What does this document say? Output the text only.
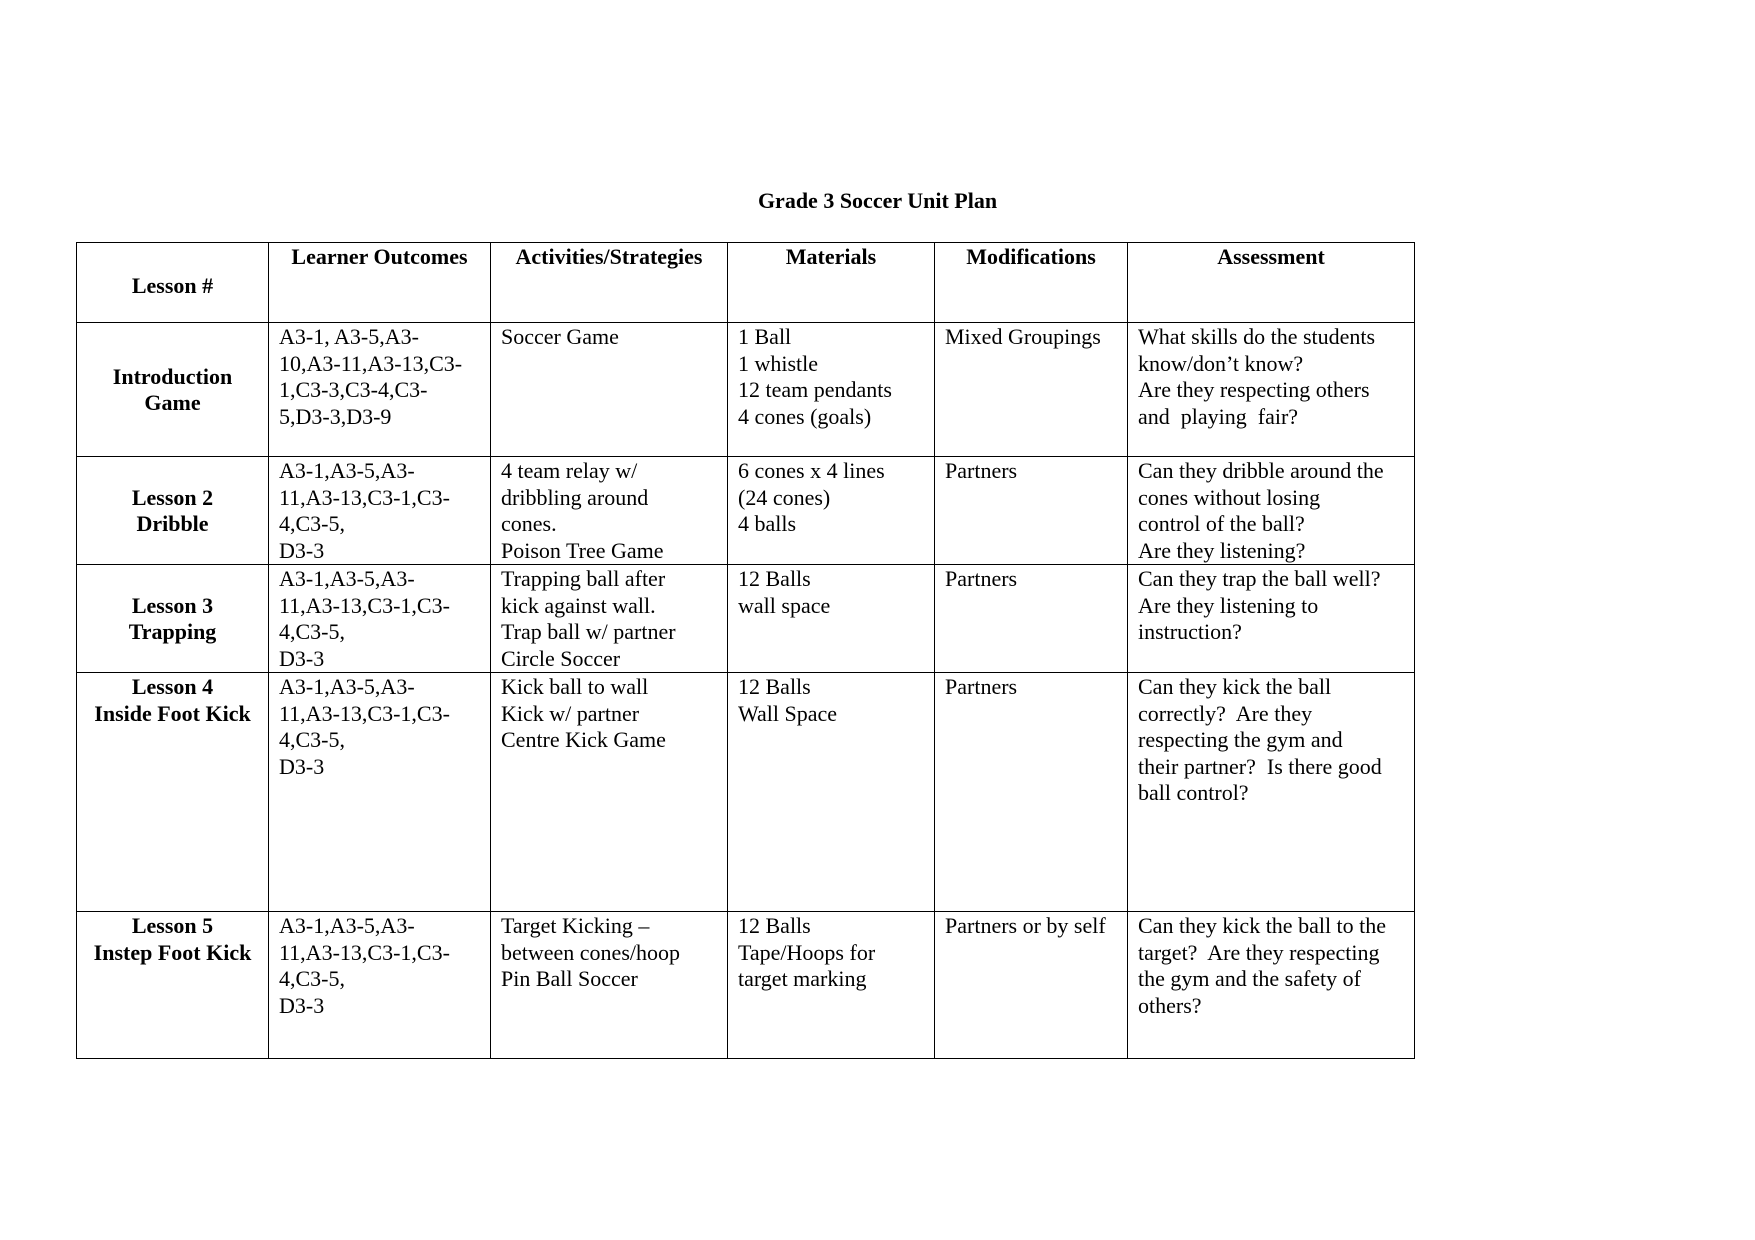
Grade 3 Soccer Unit Plan
Lesson #	Learner Outcomes	Activities/Strategies	Materials	Modifications	Assessment

Introduction
Game	A3-1, A3-5,A3-
10,A3-11,A3-13,C3-
1,C3-3,C3-4,C3-
5,D3-3,D3-9	Soccer Game	1 Ball
1 whistle
12 team pendants
4 cones (goals)	Mixed Groupings	What skills do the students
know/don’t know?
Are they respecting others
and  playing  fair?

Lesson 2
Dribble	A3-1,A3-5,A3-
11,A3-13,C3-1,C3-
4,C3-5,
D3-3	4 team relay w/
dribbling around
cones.
Poison Tree Game	6 cones x 4 lines
(24 cones)
4 balls	Partners	Can they dribble around the
cones without losing
control of the ball?
Are they listening?

Lesson 3
Trapping	A3-1,A3-5,A3-
11,A3-13,C3-1,C3-
4,C3-5,
D3-3	Trapping ball after
kick against wall.
Trap ball w/ partner
Circle Soccer	12 Balls
wall space	Partners	Can they trap the ball well?
Are they listening to
instruction?

Lesson 4
Inside Foot Kick	A3-1,A3-5,A3-
11,A3-13,C3-1,C3-
4,C3-5,
D3-3	Kick ball to wall
Kick w/ partner
Centre Kick Game	12 Balls
Wall Space	Partners	Can they kick the ball
correctly?  Are they
respecting the gym and
their partner?  Is there good
ball control?

Lesson 5
Instep Foot Kick	A3-1,A3-5,A3-
11,A3-13,C3-1,C3-
4,C3-5,
D3-3	Target Kicking –
between cones/hoop
Pin Ball Soccer	12 Balls
Tape/Hoops for
target marking	Partners or by self	Can they kick the ball to the
target?  Are they respecting
the gym and the safety of
others?
